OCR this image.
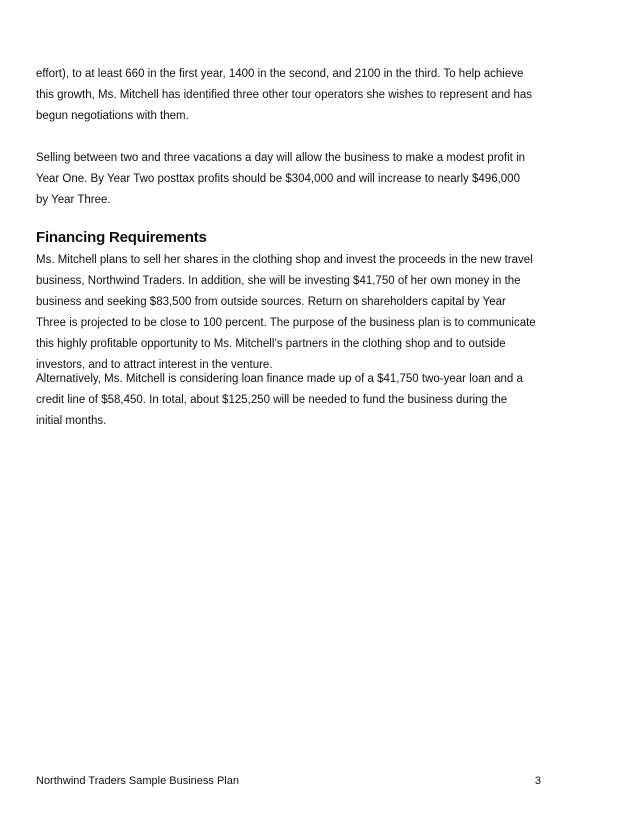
effort), to at least 660 in the first year, 1400 in the second, and 2100 in the third. To help achieve
this growth, Ms. Mitchell has identified three other tour operators she wishes to represent and has
begun negotiations with them.

Selling between two and three vacations a day will allow the business to make a modest profit in
Year One. By Year Two posttax profits should be $304,000 and will increase to nearly $496,000
by Year Three.

Financing Requirements

Ms. Mitchell plans to sell her shares in the clothing shop and invest the proceeds in the new travel
business, Northwind Traders. In addition, she will be investing $41,750 of her own money in the
business and seeking $83,500 from outside sources. Return on shareholders capital by Year
Three is projected to be close to 100 percent. The purpose of the business plan is to communicate
this highly profitable opportunity to Ms. Mitchell’s partners in the clothing shop and to outside
investors, and to attract interest in the venture.

Alternatively, Ms. Mitchell is considering loan finance made up of a $41,750 two-year loan and a
credit line of $58,450. In total, about $125,250 will be needed to fund the business during the
initial months.

Northwind Traders Sample Business Plan	3
